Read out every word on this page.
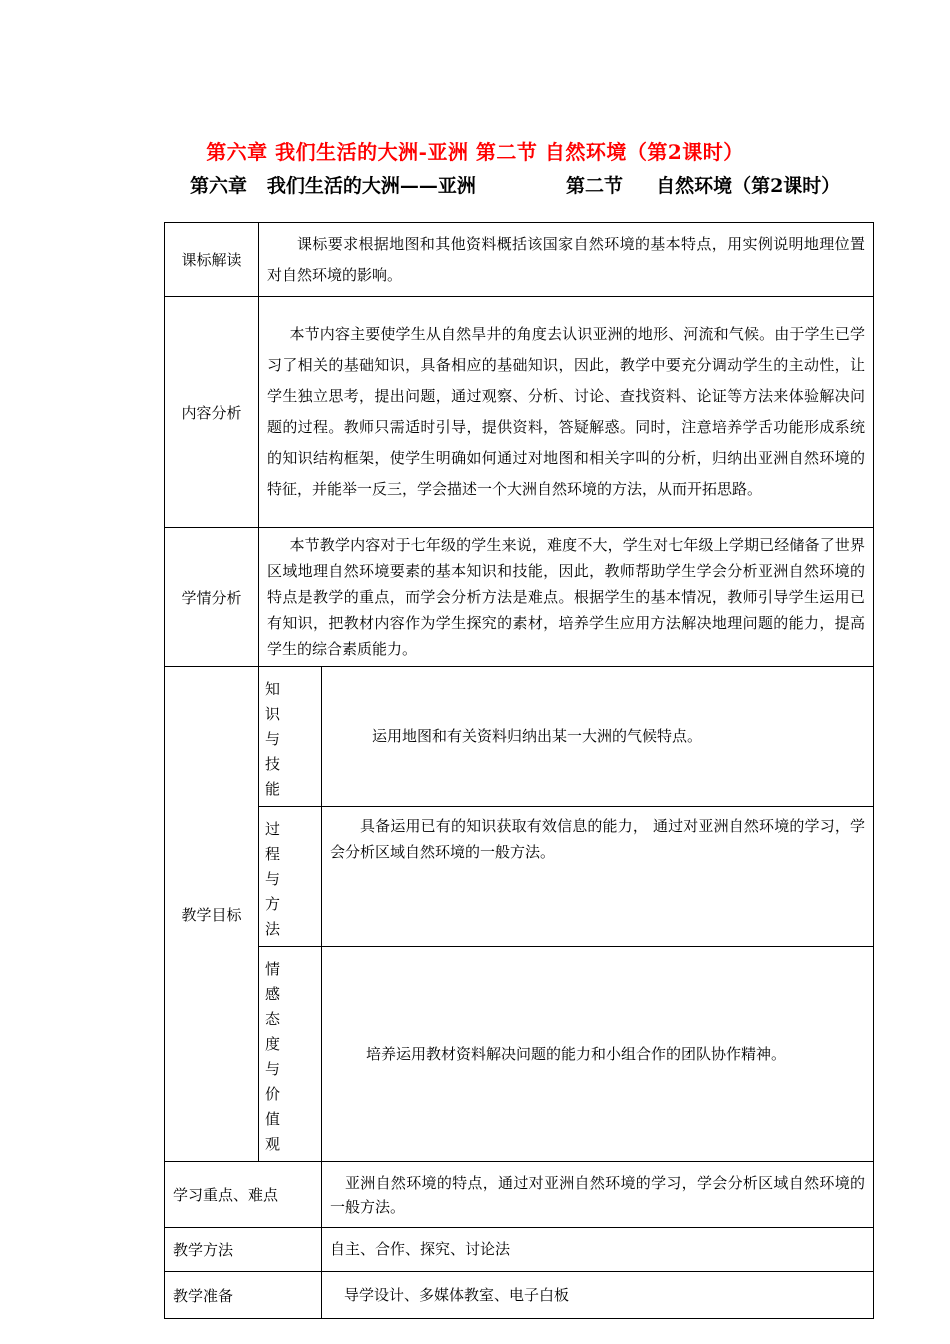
第六章 我们生活的大洲-亚洲 第二节 自然环境（第2课时）
第六章   我们生活的大洲——亚洲	第二节     自然环境（第2课时）
课标解读	课标要求根据地图和其他资料概括该国家自然环境的基本特点，用实例说明地理位置对自然环境的影响。	
内容分析	本节内容主要使学生从自然旱井的角度去认识亚洲的地形、河流和气候。由于学生已学习了相关的基础知识，具备相应的基础知识，因此，教学中要充分调动学生的主动性，让学生独立思考，提出问题，通过观察、分析、讨论、查找资料、论证等方法来体验解决问题的过程。教师只需适时引导，提供资料，答疑解惑。同时，注意培养学舌功能形成系统的知识结构框架，使学生明确如何通过对地图和相关字叫的分析，归纳出亚洲自然环境的特征，并能举一反三，学会描述一个大洲自然环境的方法，从而开拓思路。	
学情分析	本节教学内容对于七年级的学生来说，难度不大，学生对七年级上学期已经储备了世界区域地理自然环境要素的基本知识和技能，因此，教师帮助学生学会分析亚洲自然环境的特点是教学的重点，而学会分析方法是难点。根据学生的基本情况，教师引导学生运用已有知识，把教材内容作为学生探究的素材，培养学生应用方法解决地理问题的能力，提高学生的综合素质能力。	
教学目标	知识与技能	运用地图和有关资料归纳出某一大洲的气候特点。

	过程与方法	具备运用已有的知识获取有效信息的能力， 通过对亚洲自然环境的学习，学会分析区域自然环境的一般方法。

	情感态度与价值观	培养运用教材资料解决问题的能力和小组合作的团队协作精神。
学习重点、难点		亚洲自然环境的特点，通过对亚洲自然环境的学习，学会分析区域自然环境的一般方法。
教学方法		自主、合作、探究、讨论法
教学准备		导学设计、多媒体教室、电子白板
